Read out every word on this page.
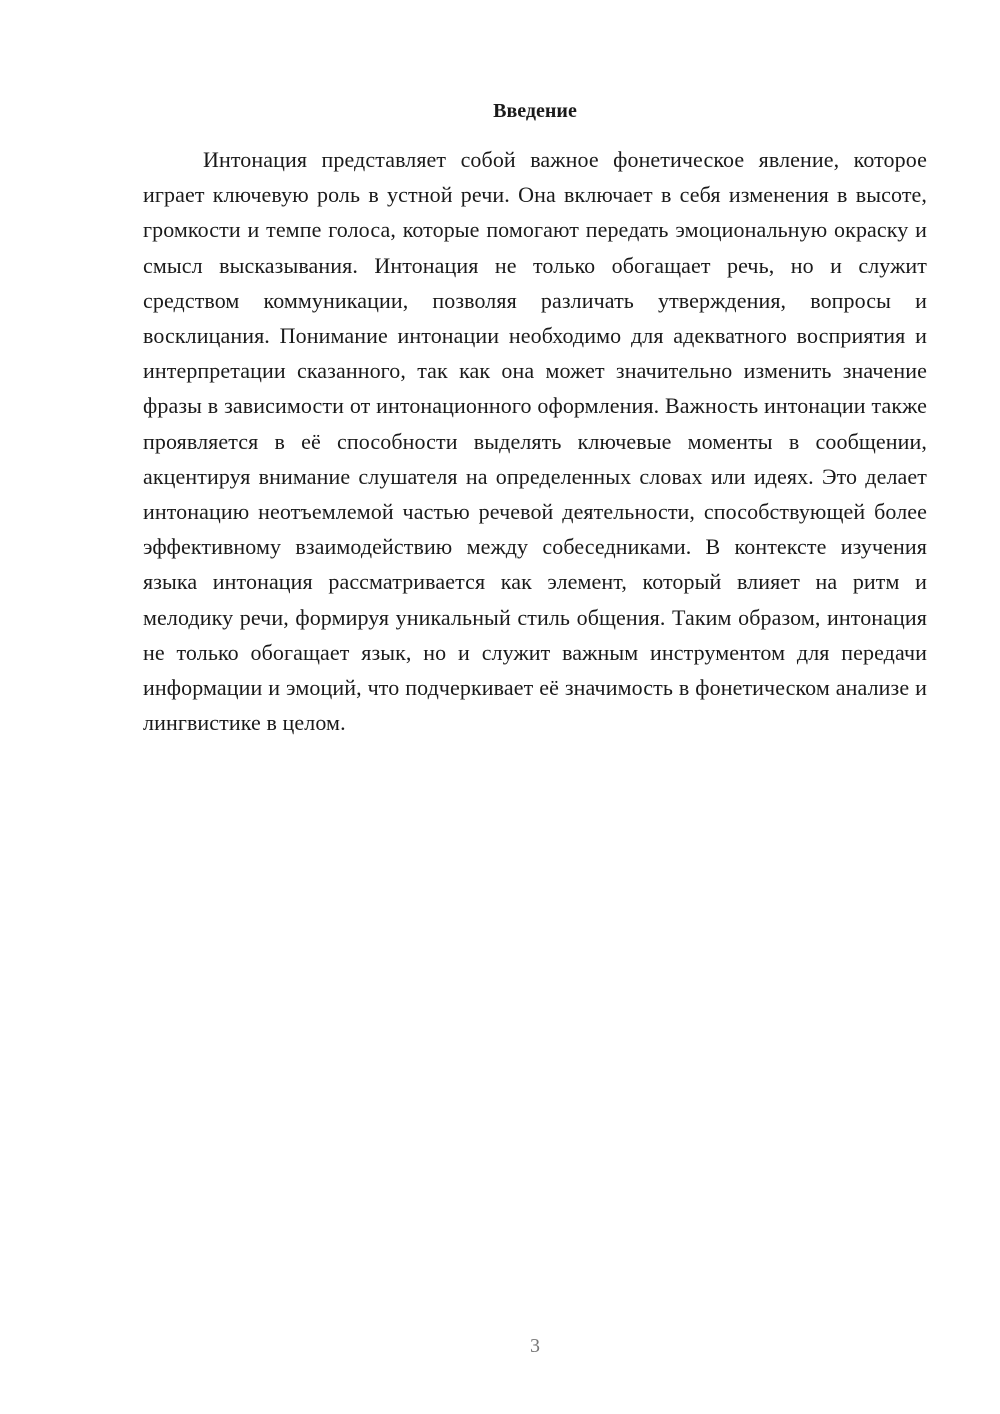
Введение

Интонация представляет собой важное фонетическое явление, которое играет ключевую роль в устной речи. Она включает в себя изменения в высоте, громкости и темпе голоса, которые помогают передать эмоциональную окраску и смысл высказывания. Интонация не только обогащает речь, но и служит средством коммуникации, позволяя различать утверждения, вопросы и восклицания. Понимание интонации необходимо для адекватного восприятия и интерпретации сказанного, так как она может значительно изменить значение фразы в зависимости от интонационного оформления. Важность интонации также проявляется в её способности выделять ключевые моменты в сообщении, акцентируя внимание слушателя на определенных словах или идеях. Это делает интонацию неотъемлемой частью речевой деятельности, способствующей более эффективному взаимодействию между собеседниками. В контексте изучения языка интонация рассматривается как элемент, который влияет на ритм и мелодику речи, формируя уникальный стиль общения. Таким образом, интонация не только обогащает язык, но и служит важным инструментом для передачи информации и эмоций, что подчеркивает её значимость в фонетическом анализе и лингвистике в целом.

3
